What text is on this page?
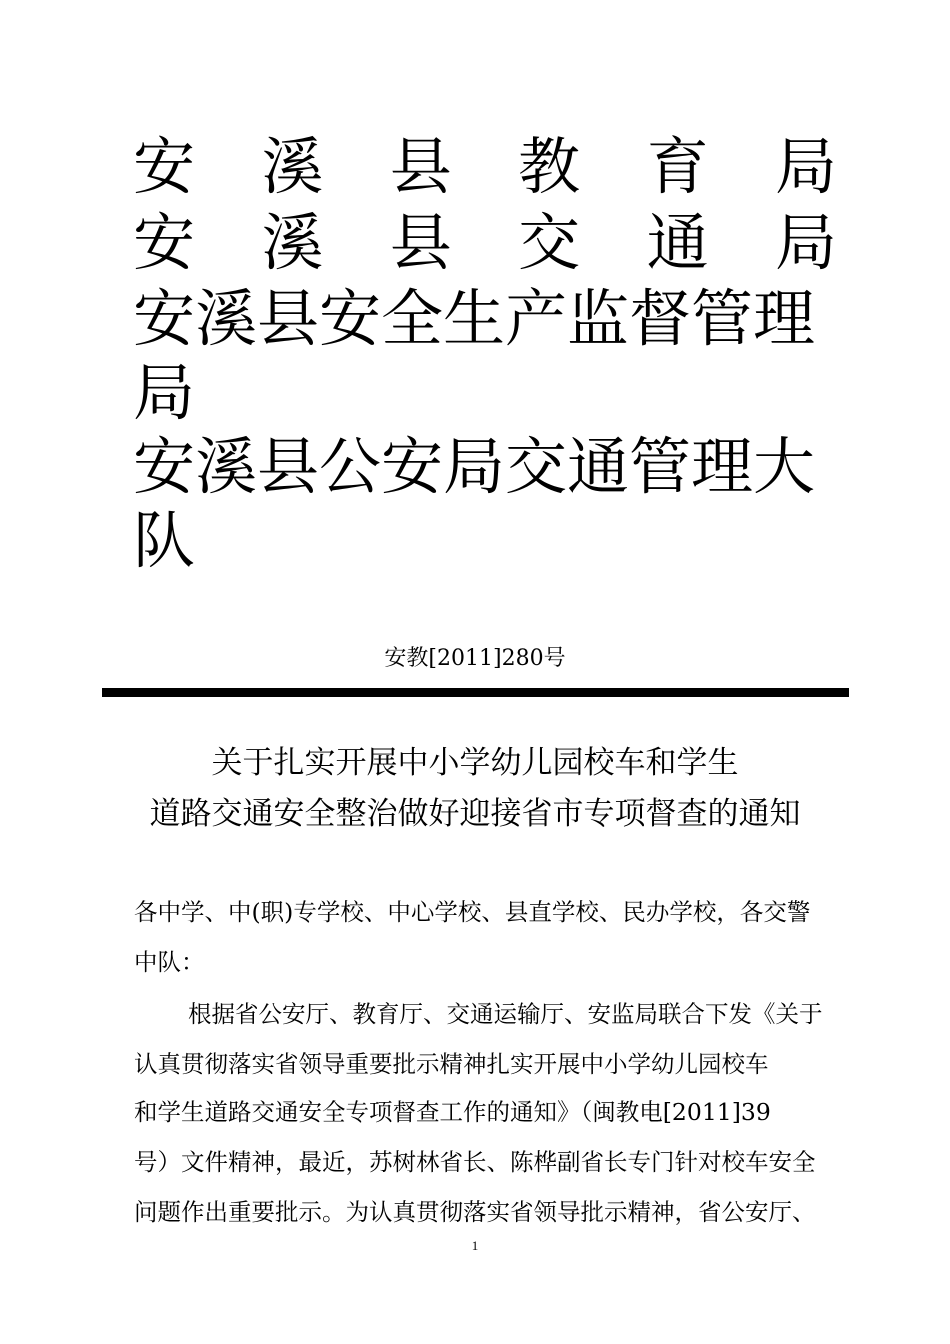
安 溪 县 教 育 局
安 溪 县 交 通 局
安溪县安全生产监督管理局
安溪县公安局交通管理大队
安教[2011]280号
关于扎实开展中小学幼儿园校车和学生
道路交通安全整治做好迎接省市专项督查的通知
各中学、中(职)专学校、中心学校、县直学校、民办学校，各交警
中队：
根据省公安厅、教育厅、交通运输厅、安监局联合下发《关于
认真贯彻落实省领导重要批示精神扎实开展中小学幼儿园校车
和学生道路交通安全专项督查工作的通知》（闽教电[2011]39
号）文件精神，最近，苏树林省长、陈桦副省长专门针对校车安全
问题作出重要批示。为认真贯彻落实省领导批示精神，省公安厅、
1
